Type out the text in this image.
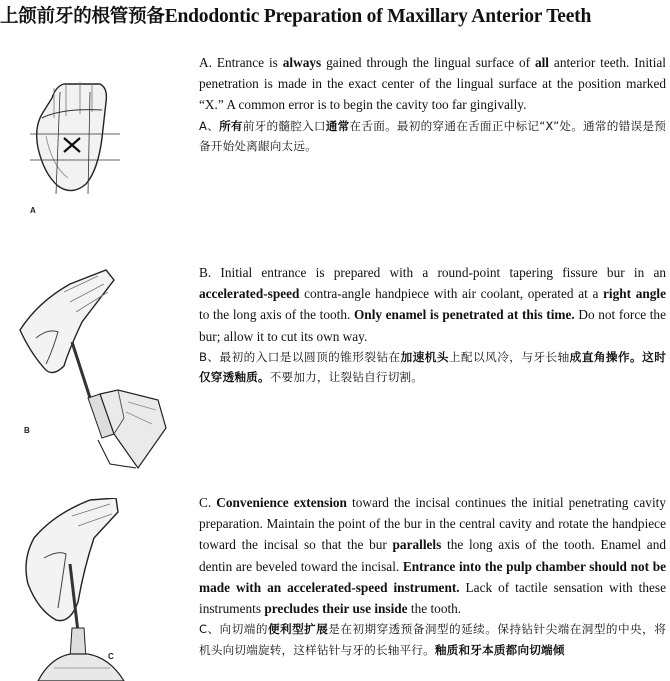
上颌前牙的根管预备Endodontic Preparation of Maxillary Anterior Teeth
A
B
C

A. Entrance is always gained through the lingual surface of all anterior teeth. Initial penetration is made in the exact center of the lingual surface at the position marked “X.” A common error is to begin the cavity too far gingivally.

A、所有前牙的髓腔入口通常在舌面。最初的穿通在舌面正中标记“X”处。通常的错误是预备开始处离龈向太远。

B. Initial entrance is prepared with a round-point tapering fissure bur in an accelerated-speed contra-angle handpiece with air coolant, operated at a right angle to the long axis of the tooth. Only enamel is penetrated at this time. Do not force the bur; allow it to cut its own way.

B、最初的入口是以圆顶的锥形裂钻在加速机头上配以风冷，与牙长轴成直角操作。这时仅穿透釉质。不要加力，让裂钻自行切割。

C. Convenience extension toward the incisal continues the initial penetrating cavity preparation. Maintain the point of the bur in the central cavity and rotate the handpiece toward the incisal so that the bur parallels the long axis of the tooth. Enamel and dentin are beveled toward the incisal. Entrance into the pulp chamber should not be made with an accelerated-speed instrument. Lack of tactile sensation with these instruments precludes their use inside the tooth.

C、向切端的便利型扩展是在初期穿透预备洞型的延续。保持钻针尖端在洞型的中央，将机头向切端旋转，这样钻针与牙的长轴平行。釉质和牙本质都向切端倾
